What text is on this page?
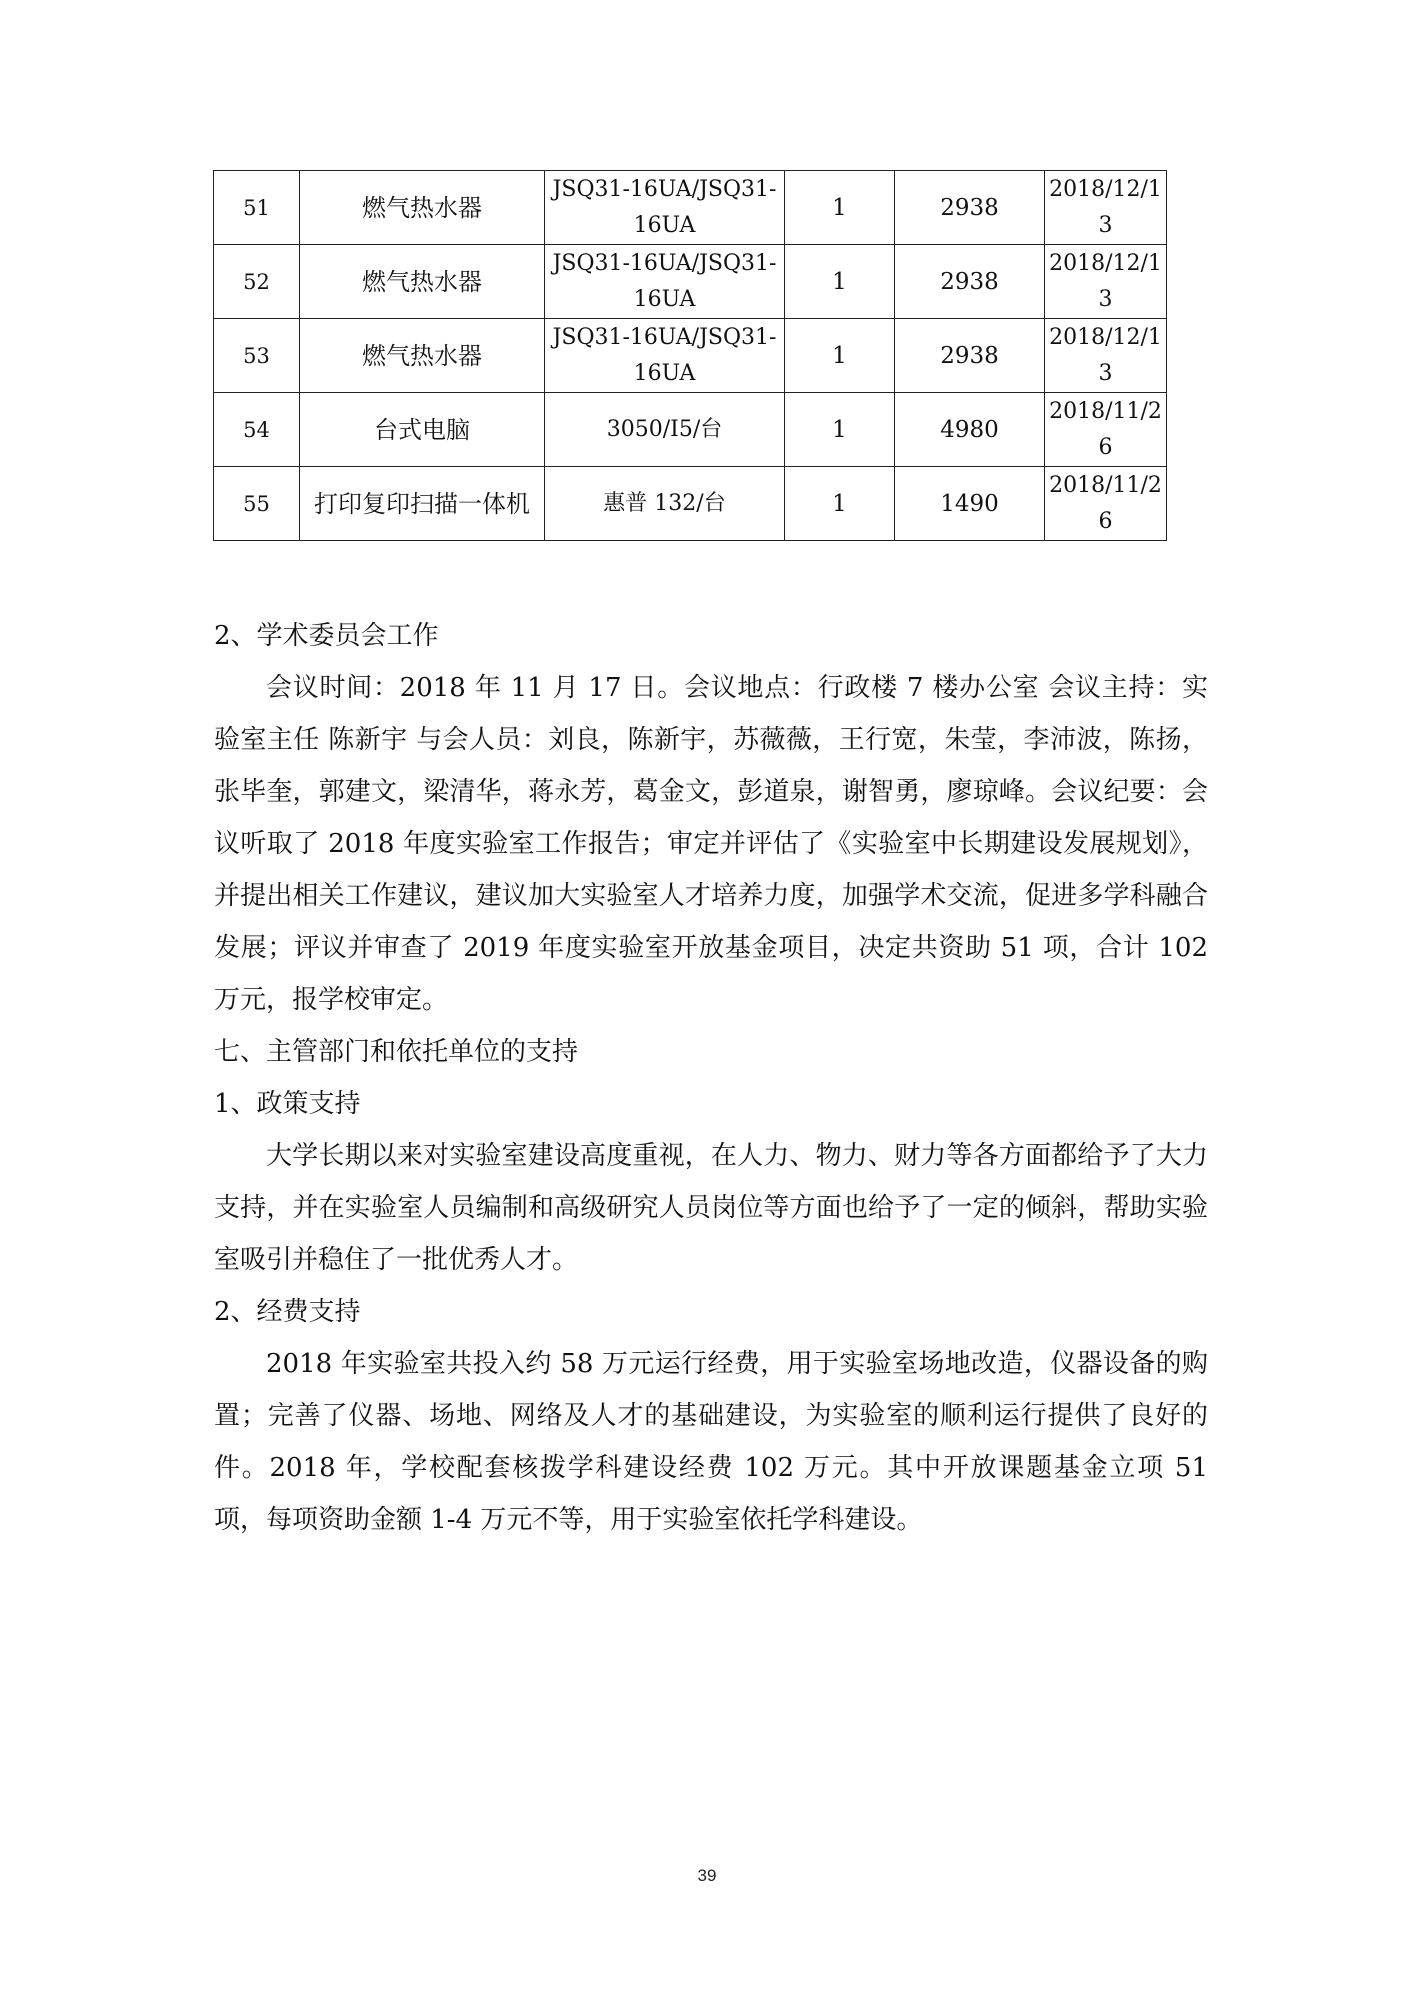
51	燃气热水器	JSQ31-16UA/JSQ31-16UA	1	2938	2018/12/13
52	燃气热水器	JSQ31-16UA/JSQ31-16UA	1	2938	2018/12/13
53	燃气热水器	JSQ31-16UA/JSQ31-16UA	1	2938	2018/12/13
54	台式电脑	3050/I5/台	1	4980	2018/11/26
55	打印复印扫描一体机	惠普 132/台	1	1490	2018/11/26

2、学术委员会工作

会议时间：2018 年 11 月 17 日。会议地点：行政楼 7 楼办公室 会议主持：实验室主任 陈新宇 与会人员：刘良，陈新宇，苏薇薇，王行宽，朱莹，李沛波，陈扬，张毕奎，郭建文，梁清华，蒋永芳，葛金文，彭道泉，谢智勇，廖琼峰。会议纪要：会议听取了 2018 年度实验室工作报告；审定并评估了《实验室中长期建设发展规划》，并提出相关工作建议，建议加大实验室人才培养力度，加强学术交流，促进多学科融合发展；评议并审查了 2019 年度实验室开放基金项目，决定共资助 51 项，合计 102 万元，报学校审定。

七、主管部门和依托单位的支持

1、政策支持

大学长期以来对实验室建设高度重视，在人力、物力、财力等各方面都给予了大力支持，并在实验室人员编制和高级研究人员岗位等方面也给予了一定的倾斜，帮助实验室吸引并稳住了一批优秀人才。

2、经费支持

2018 年实验室共投入约 58 万元运行经费，用于实验室场地改造，仪器设备的购置；完善了仪器、场地、网络及人才的基础建设，为实验室的顺利运行提供了良好的件。2018 年，学校配套核拨学科建设经费 102 万元。其中开放课题基金立项 51 项，每项资助金额 1-4 万元不等，用于实验室依托学科建设。

39
